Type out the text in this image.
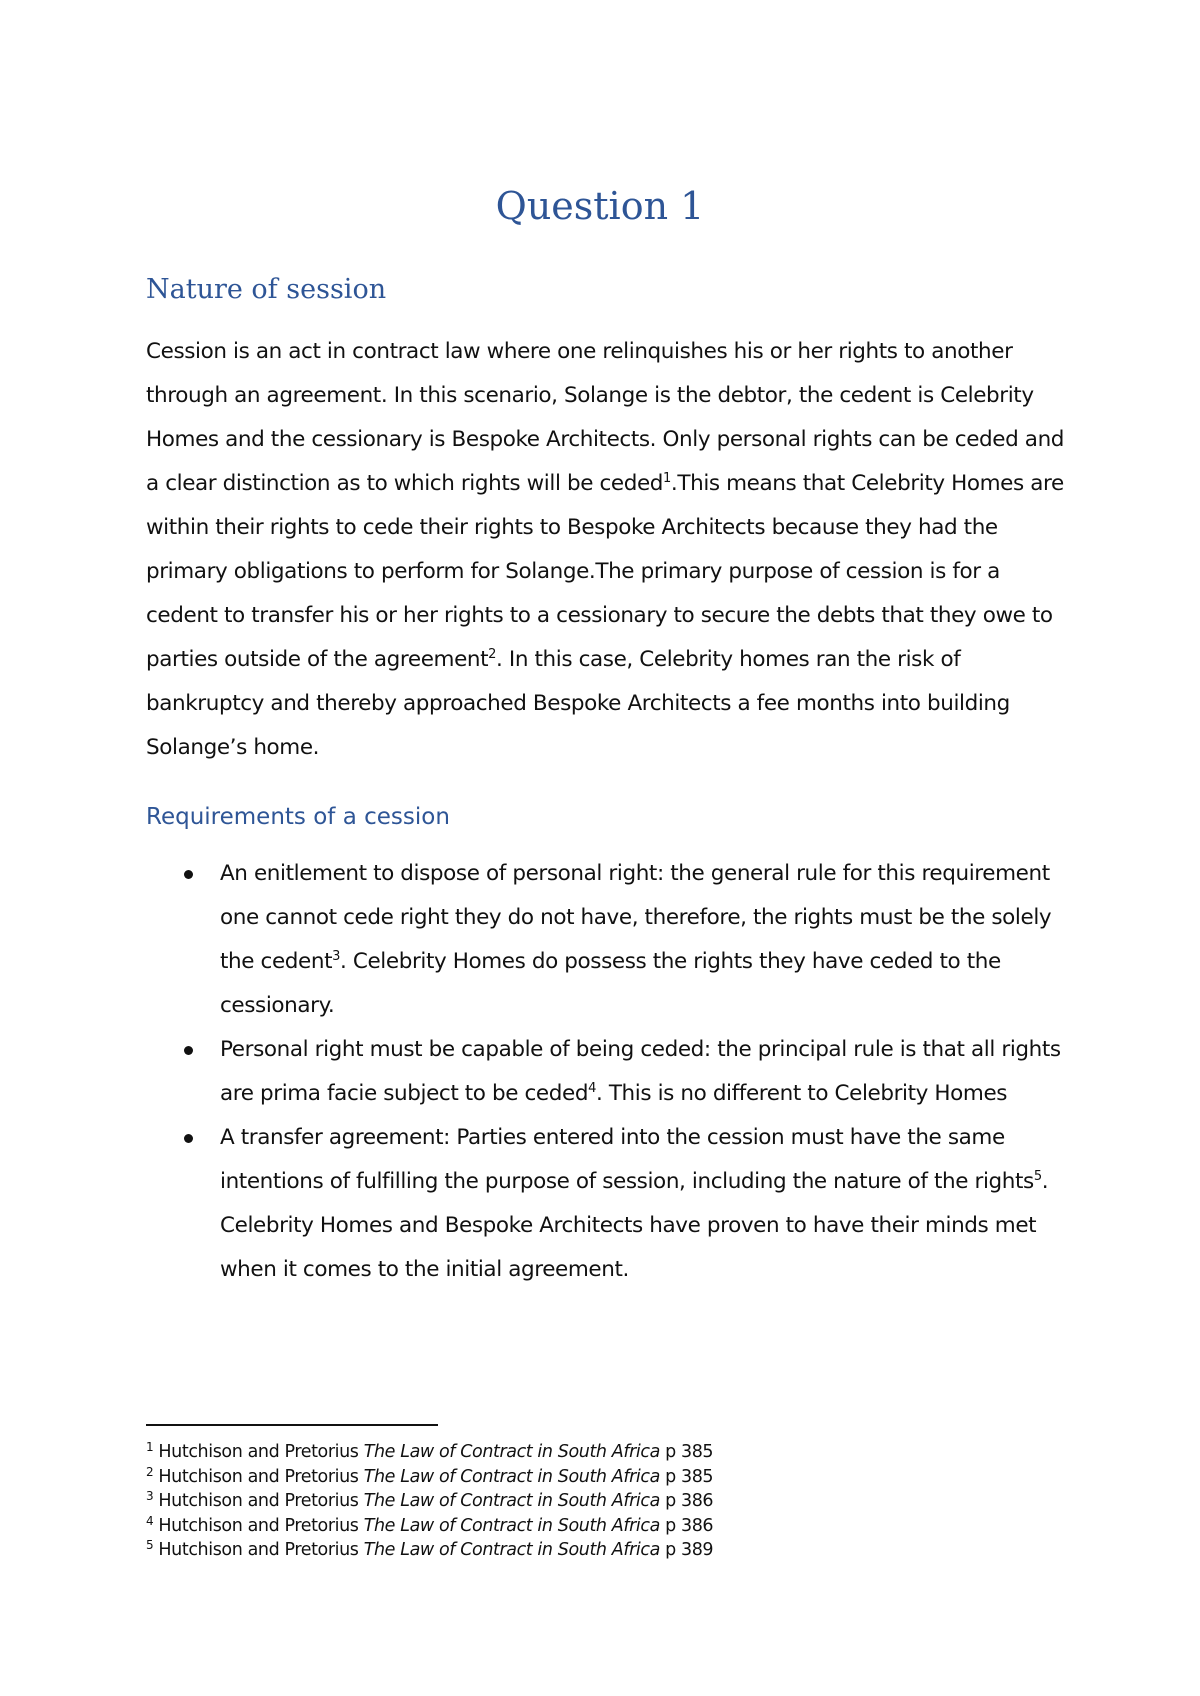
Question 1
Nature of session

Cession is an act in contract law where one relinquishes his or her rights to another through an agreement. In this scenario, Solange is the debtor, the cedent is Celebrity Homes and the cessionary is Bespoke Architects. Only personal rights can be ceded and a clear distinction as to which rights will be ceded$^1$.This means that Celebrity Homes are within their rights to cede their rights to Bespoke Architects because they had the primary obligations to perform for Solange.The primary purpose of cession is for a cedent to transfer his or her rights to a cessionary to secure the debts that they owe to parties outside of the agreement$^2$. In this case, Celebrity homes ran the risk of bankruptcy and thereby approached Bespoke Architects a fee months into building Solange’s home.

Requirements of a cession
An enitlement to dispose of personal right: the general rule for this requirement one cannot cede right they do not have, therefore, the rights must be the solely the cedent$^3$. Celebrity Homes do possess the rights they have ceded to the cessionary.
Personal right must be capable of being ceded: the principal rule is that all rights are prima facie subject to be ceded$^4$. This is no different to Celebrity Homes
A transfer agreement: Parties entered into the cession must have the same intentions of fulfilling the purpose of session, including the nature of the rights$^5$. Celebrity Homes and Bespoke Architects have proven to have their minds met when it comes to the initial agreement.
$^1$ Hutchison and Pretorius The Law of Contract in South Africa p 385
$^2$ Hutchison and Pretorius The Law of Contract in South Africa p 385
$^3$ Hutchison and Pretorius The Law of Contract in South Africa p 386
$^4$ Hutchison and Pretorius The Law of Contract in South Africa p 386
$^5$ Hutchison and Pretorius The Law of Contract in South Africa p 389
